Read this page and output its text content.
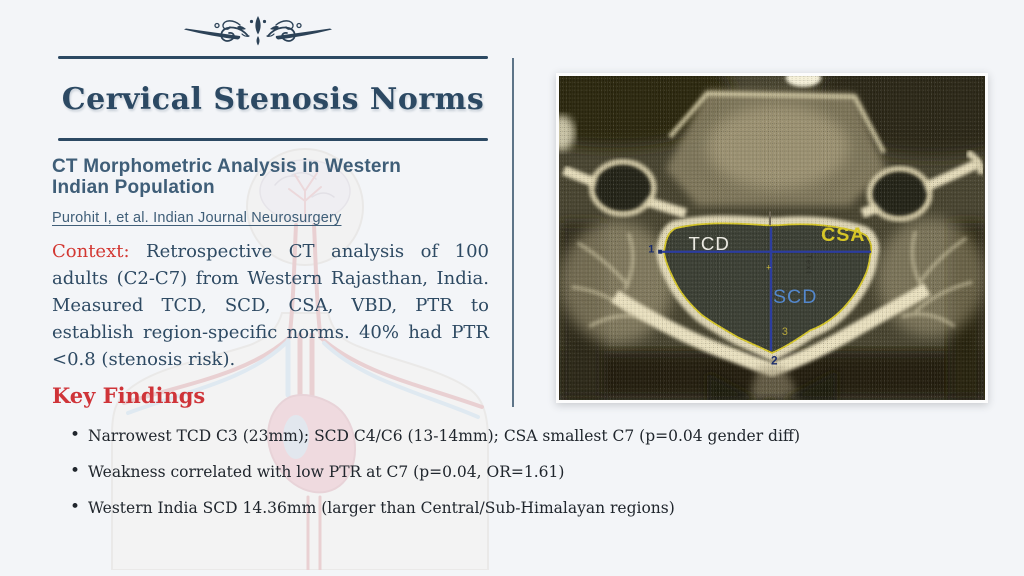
Cervical Stenosis Norms
CT Morphometric Analysis in Western
Indian Population
Purohit I, et al. Indian Journal Neurosurgery

Context: Retrospective CT analysis of 100 adults (C2-C7) from Western Rajasthan, India. Measured TCD, SCD, CSA, VBD, PTR to establish region-specific norms. 40% had PTR <0.8 (stenosis risk).

Key Findings
• Narrowest TCD C3 (23mm); SCD C4/C6 (13-14mm); CSA smallest C7 (p=0.04 gender diff)
• Weakness correlated with low PTR at C7 (p=0.04, OR=1.61)
• Western India SCD 14.36mm (larger than Central/Sub-Himalayan regions)
TCD	CSA
SCD
1
2
3
+	Text
